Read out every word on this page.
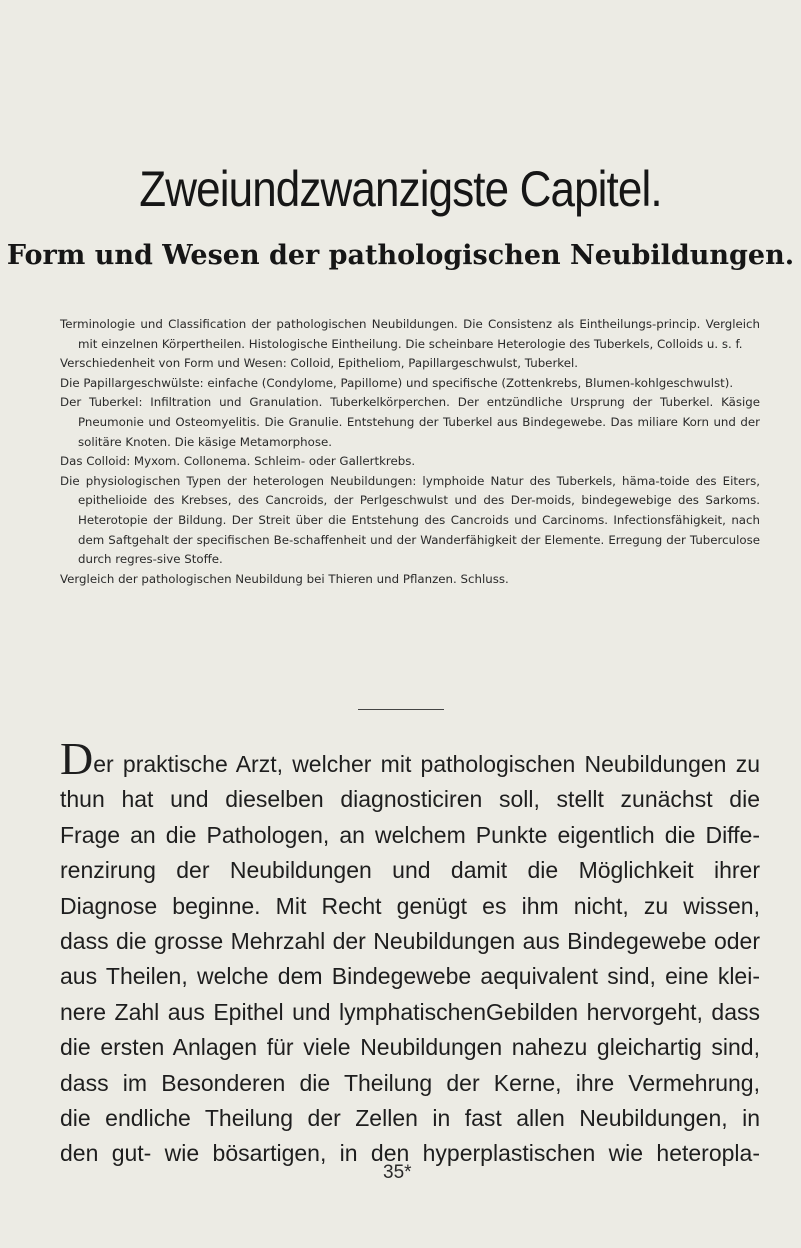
Zweiundzwanzigste Capitel.
Form und Wesen der pathologischen Neubildungen.

Terminologie und Classification der pathologischen Neubildungen. Die Consistenz als Eintheilungs-princip. Vergleich mit einzelnen Körpertheilen. Histologische Eintheilung. Die scheinbare Heterologie des Tuberkels, Colloids u. s. f.

Verschiedenheit von Form und Wesen: Colloid, Epitheliom, Papillargeschwulst, Tuberkel.

Die Papillargeschwülste: einfache (Condylome, Papillome) und specifische (Zottenkrebs, Blumen-kohlgeschwulst).

Der Tuberkel: Infiltration und Granulation. Tuberkelkörperchen. Der entzündliche Ursprung der Tuberkel. Käsige Pneumonie und Osteomyelitis. Die Granulie. Entstehung der Tuberkel aus Bindegewebe. Das miliare Korn und der solitäre Knoten. Die käsige Metamorphose.

Das Colloid: Myxom. Collonema. Schleim- oder Gallertkrebs.

Die physiologischen Typen der heterologen Neubildungen: lymphoide Natur des Tuberkels, häma-toide des Eiters, epithelioide des Krebses, des Cancroids, der Perlgeschwulst und des Der-moids, bindegewebige des Sarkoms. Heterotopie der Bildung. Der Streit über die Entstehung des Cancroids und Carcinoms. Infectionsfähigkeit, nach dem Saftgehalt der specifischen Be-schaffenheit und der Wanderfähigkeit der Elemente. Erregung der Tuberculose durch regres-sive Stoffe.

Vergleich der pathologischen Neubildung bei Thieren und Pflanzen. Schluss.

Der praktische Arzt, welcher mit pathologischen Neubildungen zu
thun hat und dieselben diagnosticiren soll, stellt zunächst die
Frage an die Pathologen, an welchem Punkte eigentlich die Diffe-
renzirung der Neubildungen und damit die Möglichkeit ihrer
Diagnose beginne. Mit Recht genügt es ihm nicht, zu wissen,
dass die grosse Mehrzahl der Neubildungen aus Bindegewebe oder
aus Theilen, welche dem Bindegewebe aequivalent sind, eine klei-
nere Zahl aus Epithel und lymphatischenGebilden hervorgeht, dass
die ersten Anlagen für viele Neubildungen nahezu gleichartig sind,
dass im Besonderen die Theilung der Kerne, ihre Vermehrung,
die endliche Theilung der Zellen in fast allen Neubildungen, in
den gut- wie bösartigen, in den hyperplastischen wie heteropla-
35*
